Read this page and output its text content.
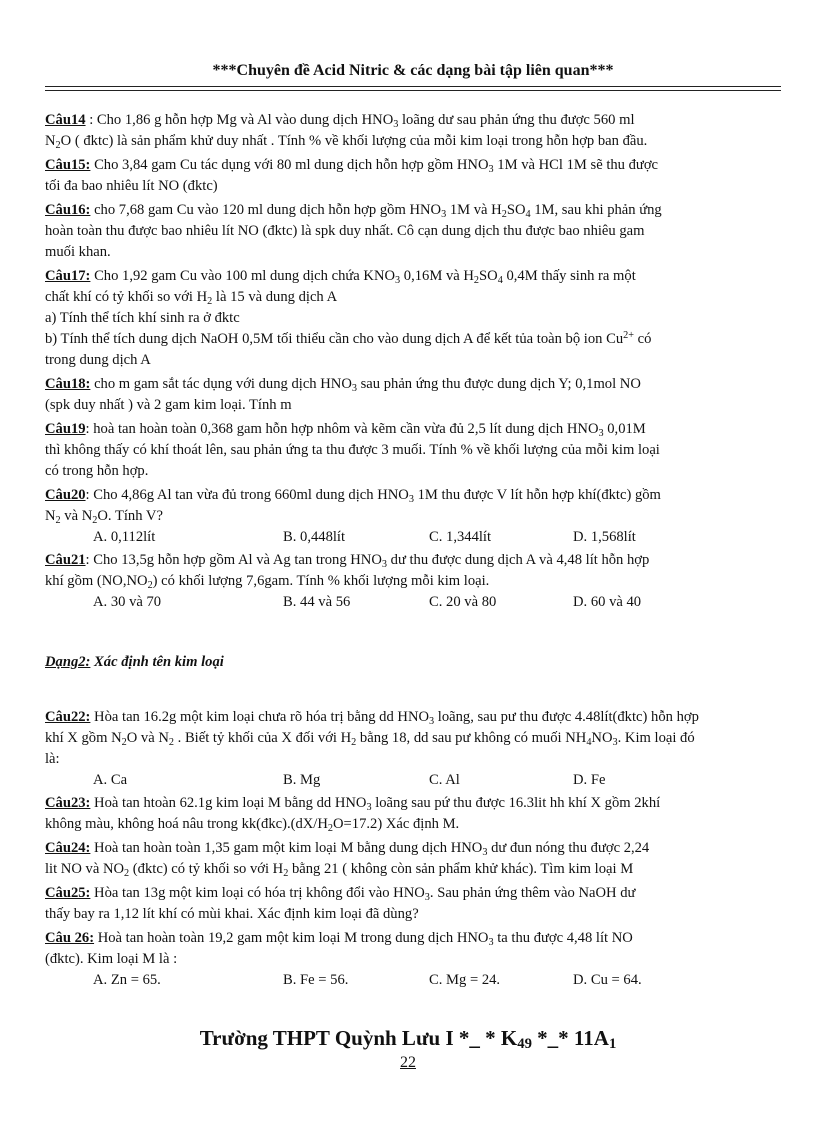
***Chuyên đề Acid Nitric & các dạng bài tập liên quan***
Câu14 : Cho 1,86 g hỗn hợp Mg và Al vào dung dịch $HNO_3$ loãng dư sau phản ứng thu được 560 ml
$N_2O$ ( đktc) là sản phẩm khử duy nhất . Tính % về khối lượng của mỗi kim loại trong hỗn hợp ban đầu.
Câu15: Cho 3,84 gam Cu tác dụng với 80 ml dung dịch hỗn hợp gồm $HNO_3$ 1M và HCl 1M sẽ thu được
tối đa bao nhiêu lít NO (đktc)
Câu16: cho 7,68 gam Cu vào 120 ml dung dịch hỗn hợp gồm $HNO_3$ 1M và $H_2SO_4$ 1M, sau khi phản ứng
hoàn toàn thu được bao nhiêu lít NO (đktc) là spk duy nhất. Cô cạn dung dịch thu được bao nhiêu gam
muối khan.
Câu17: Cho 1,92 gam Cu vào 100 ml dung dịch chứa $KNO_3$ 0,16M và $H_2SO_4$ 0,4M thấy sinh ra một
chất khí có tỷ khối so với $H_2$ là 15 và dung dịch A
a) Tính thể tích khí sinh ra ở đktc
b) Tính thể tích dung dịch NaOH 0,5M tối thiểu cần cho vào dung dịch A để kết tủa toàn bộ ion $Cu^{2+}$ có
trong dung dịch A
Câu18: cho m gam sắt tác dụng với dung dịch $HNO_3$ sau phản ứng thu được dung dịch Y; 0,1mol NO
(spk duy nhất ) và 2 gam kim loại. Tính m
Câu19: hoà tan hoàn toàn 0,368 gam hỗn hợp nhôm và kẽm cần vừa đủ 2,5 lít dung dịch $HNO_3$ 0,01M
thì không thấy có khí thoát lên, sau phản ứng ta thu được 3 muối. Tính % về khối lượng của mỗi kim loại
có trong hỗn hợp.
Câu20: Cho 4,86g Al tan vừa đủ trong 660ml dung dịch $HNO_3$ 1M thu được V lít hỗn hợp khí(đktc) gồm
$N_2$ và $N_2O$. Tính V?
A. 0,112lít	B. 0,448lít	C. 1,344lít	D. 1,568lít
Câu21: Cho 13,5g hỗn hợp gồm Al và Ag tan trong $HNO_3$ dư thu được dung dịch A và 4,48 lít hỗn hợp
khí gồm $(NO,NO_2)$ có khối lượng 7,6gam. Tính % khối lượng mỗi kim loại.
A. 30 và 70	B. 44 và 56	C. 20 và 80	D. 60 và 40
Dạng2: Xác định tên kim loại
Câu22: Hòa tan 16.2g một kim loại chưa rõ hóa trị bằng dd $HNO_3$ loãng, sau pư thu được 4.48lít(đktc) hỗn hợp
khí X gồm $N_2O$ và $N_2$ . Biết tỷ khối của X đối với $H_2$ bằng 18, dd sau pư không có muối $NH_4NO_3$. Kim loại đó
là:
A. Ca	B. Mg	C. Al	D. Fe
Câu23: Hoà tan htoàn 62.1g kim loại M bằng dd $HNO_3$ loãng sau pứ thu được 16.3lit hh khí X gồm 2khí
không màu, không hoá nâu trong $kk(đkc).(dX/H_2O=17.2)$ Xác định M.
Câu24: Hoà tan hoàn toàn 1,35 gam một kim loại M bằng dung dịch $HNO_3$ dư đun nóng thu được 2,24
lit NO và $NO_2$ (đktc) có tỷ khối so với $H_2$ bằng 21 ( không còn sản phẩm khử khác). Tìm kim loại M
Câu25: Hòa tan 13g một kim loại có hóa trị không đổi vào $HNO_3$. Sau phản ứng thêm vào NaOH dư
thấy bay ra 1,12 lít khí có mùi khai. Xác định kim loại đã dùng?
Câu 26: Hoà tan hoàn toàn 19,2 gam một kim loại M trong dung dịch $HNO_3$ ta thu được 4,48 lít NO
(đktc). Kim loại M là :
A. Zn = 65.	B. Fe = 56.	C. Mg = 24.	D. Cu = 64.
Trường THPT Quỳnh Lưu I *_ * $K_{49}$ *_* $11A_1$
22
